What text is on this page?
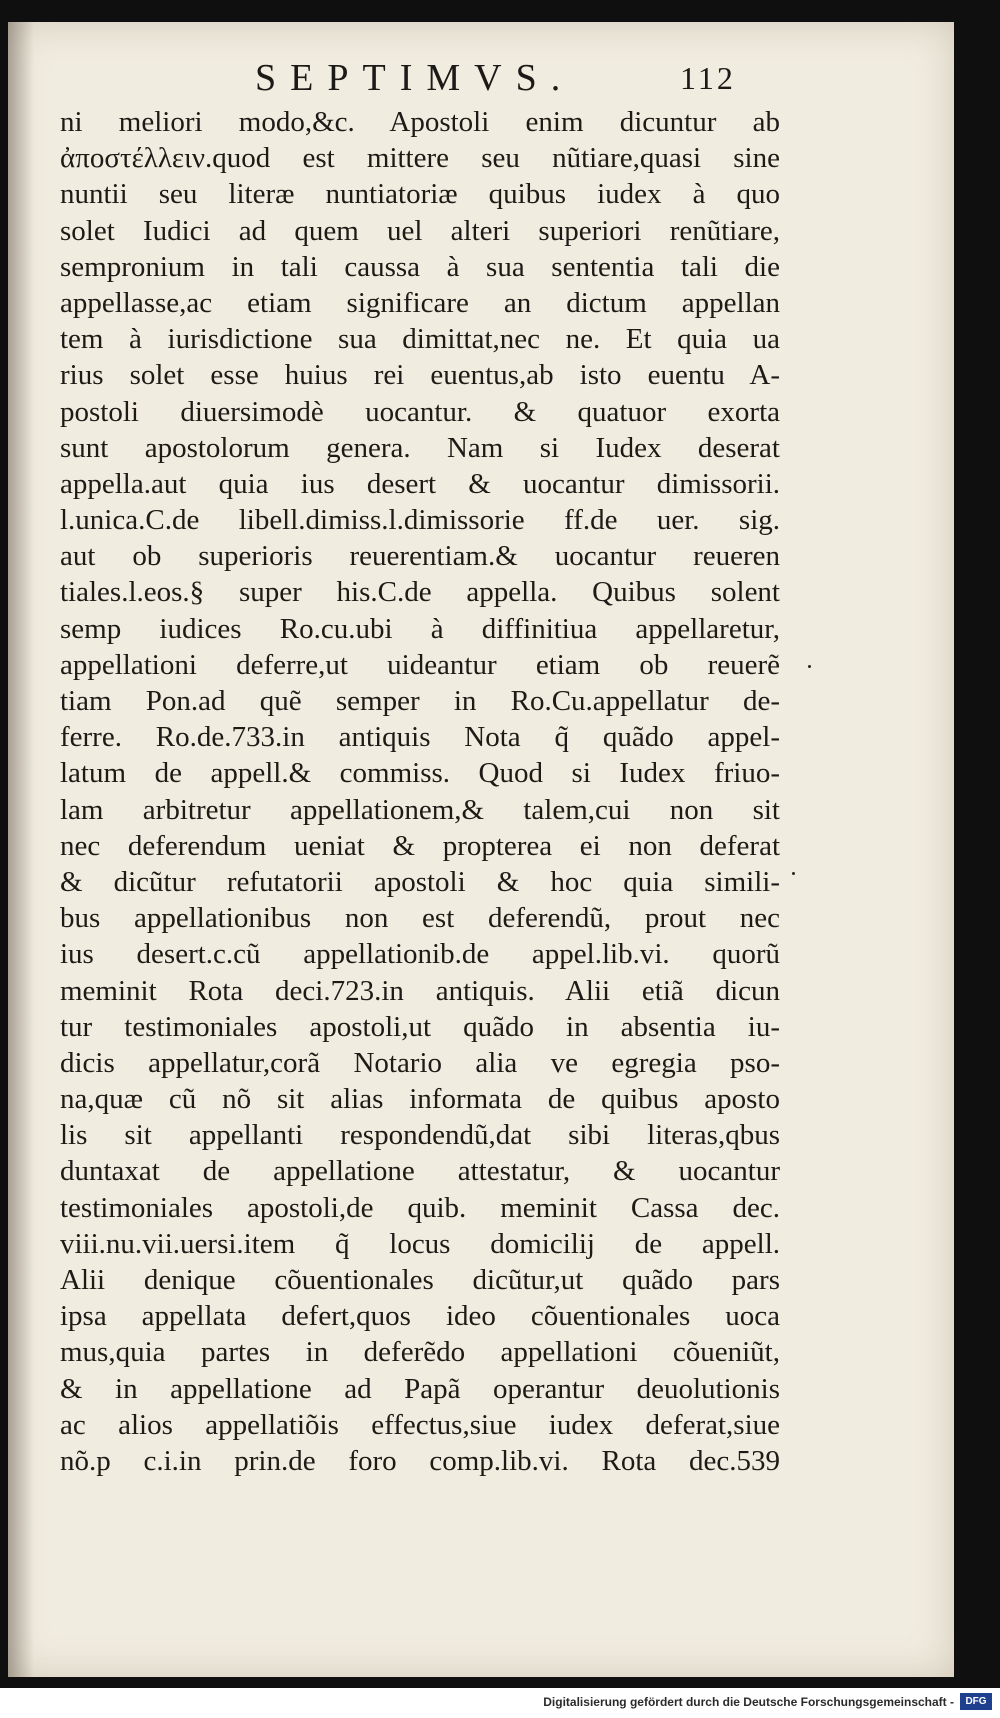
SEPTIMVS.	112
ni meliori modo,&c. Apostoli enim dicuntur ab
ἀποστέλλειν.quod est mittere seu nũtiare,quasi sine
nuntii seu literæ nuntiatoriæ quibus iudex à quo
solet Iudici ad quem uel alteri superiori renũtiare,
sempronium in tali caussa à sua sententia tali die
appellasse,ac etiam significare an dictum appellan
tem à iurisdictione sua dimittat,nec ne. Et quia ua
rius solet esse huius rei euentus,ab isto euentu A-
postoli diuersimodè uocantur. & quatuor exorta
sunt apostolorum genera. Nam si Iudex deserat
appella.aut quia ius desert & uocantur dimissorii.
l.unica.C.de libell.dimiss.l.dimissorie ff.de uer. sig.
aut ob superioris reuerentiam.& uocantur reueren
tiales.l.eos.§ super his.C.de appella. Quibus solent
semp iudices Ro.cu.ubi à diffinitiua appellaretur,
appellationi deferre,ut uideantur etiam ob reuerẽ
tiam Pon.ad quẽ semper in Ro.Cu.appellatur de-
ferre. Ro.de.733.in antiquis Nota q̃ quãdo appel-
latum de appell.& commiss. Quod si Iudex friuo-
lam arbitretur appellationem,& talem,cui non sit
nec deferendum ueniat & propterea ei non deferat
& dicũtur refutatorii apostoli & hoc quia simili-
bus appellationibus non est deferendũ, prout nec
ius desert.c.cũ appellationib.de appel.lib.vi. quorũ
meminit Rota deci.723.in antiquis. Alii etiã dicun
tur testimoniales apostoli,ut quãdo in absentia iu-
dicis appellatur,corã Notario alia ve egregia pso-
na,quæ cũ nõ sit alias informata de quibus aposto
lis sit appellanti respondendũ,dat sibi literas,qbus
duntaxat de appellatione attestatur, & uocantur
testimoniales apostoli,de quib. meminit Cassa dec.
viii.nu.vii.uersi.item q̃ locus domicilij de appell.
Alii denique cõuentionales dicũtur,ut quãdo pars
ipsa appellata defert,quos ideo cõuentionales uoca
mus,quia partes in deferẽdo appellationi cõueniũt,
& in appellatione ad Papã operantur deuolutionis
ac alios appellatiõis effectus,siue iudex deferat,siue
nõ.p c.i.in prin.de foro comp.lib.vi. Rota dec.539
Digitalisierung gefördert durch die Deutsche Forschungsgemeinschaft -	DFG
